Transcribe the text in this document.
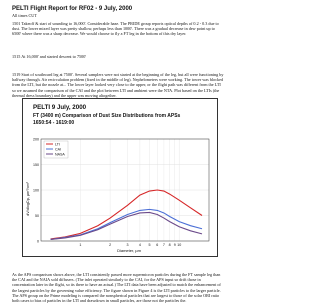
PELTI Flight Report for RF02 - 9 July, 2000
All times CUT
1501 Takeoff & start of sounding to 16,000'. Considerable haze. The PRIDE group reports optical depths of 0.2 - 0.3 due to dust. The lower mixed layer was pretty shallow, perhaps less than 1000'. There was a gradual decrease in dew point up to 6500' where there was a sharp decrease. We would choose to fly a FT leg in the bottom of this dry layer.
1515 At 16,000' and started descent to 7500'
1519 Start of southward leg at 7500'. Several samplers were not started at the beginning of the leg, but all were functioning by halfway through. Air recirculation problem (fixed in the middle of leg). Nephelometers were working. The tower was blocked from the LTI, but the nozzle at... The lower layer looked very close to the upper, or the flight path was different from the LTI so we assumed the comparison of the CAI and the plot between LTI and ambient were the NTA. Plot based on the LTIs (the thermal dress boundary) and the upper was moving altogether.
PELTI 9 July, 2000
FT (3400 m) Comparison of Dust Size Distributions from APSs
1650:54 - 1619:00
dV/dlogDp, µm³/cm³
Diameter, µm
0
50
100
150
200
1	2	3	4 5 6 7 8 9 10
LTI
CAI
NASA
As the APS comparison shows above, the LTI consistently passed more supermicron particles during the FT sample leg than the CAI and the NAIA sold diffusers. (The inlet operated similarly to the CAI, for the APS input so drift those in concentration later in the flight, so its there to have an actual.) The LTI data have been adjusted to match the enhancement of the largest particles by the governing value efficiency. The figure shown in Figure 4 is the LTI particles to the larger particle. The APS group on the Prime modeling is compared the nonspherical particles that are largest to those of the solar ORI ratio both cases to bias of particles in the LTI and drawdown in small particles, are those not the particles the.
